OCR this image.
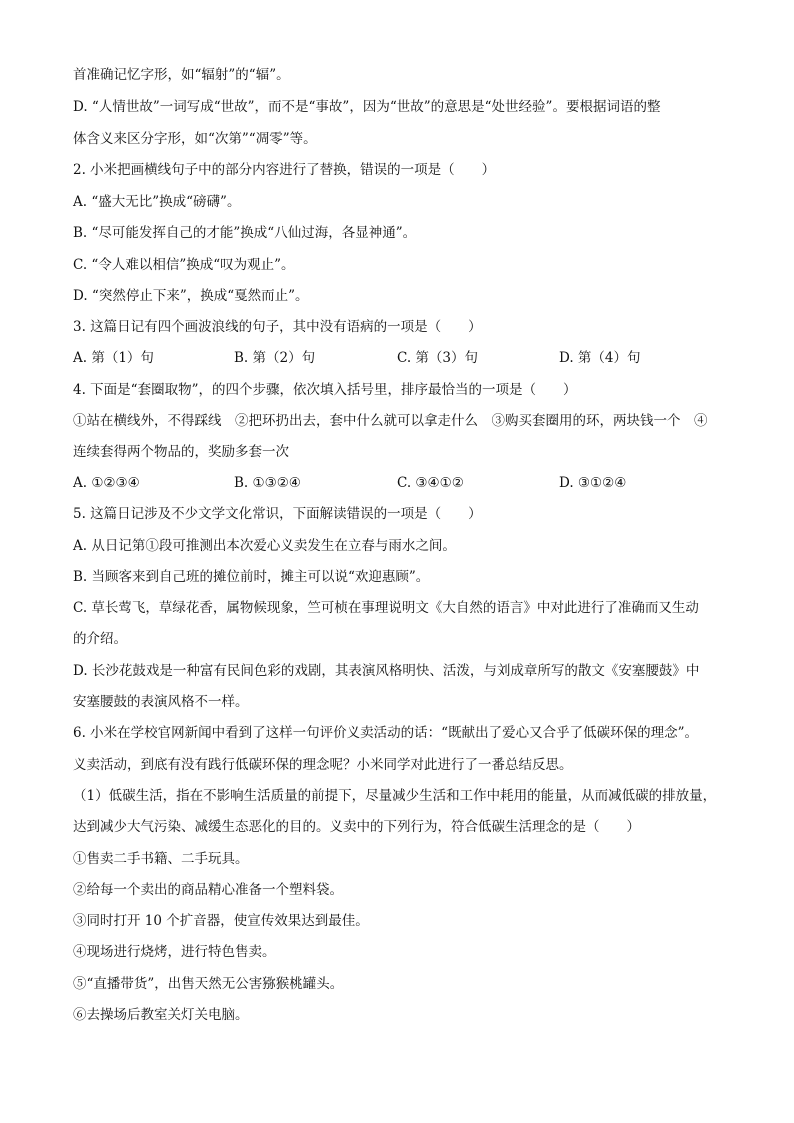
首准确记忆字形，如“辐射”的“辐”。
D. “人情世故”一词写成“世故”，而不是“事故”，因为“世故”的意思是“处世经验”。要根据词语的整
体含义来区分字形，如“次第”“凋零”等。
2. 小米把画横线句子中的部分内容进行了替换，错误的一项是（　　）
A. “盛大无比”换成“磅礴”。
B. “尽可能发挥自己的才能”换成“八仙过海，各显神通”。
C. “令人难以相信”换成“叹为观止”。
D. “突然停止下来”，换成“戛然而止”。
3. 这篇日记有四个画波浪线的句子，其中没有语病的一项是（　　）
A. 第（1）句	B. 第（2）句	C. 第（3）句	D. 第（4）句
4. 下面是“套圈取物”，的四个步骤，依次填入括号里，排序最恰当的一项是（　　）
①站在横线外，不得踩线　②把环扔出去，套中什么就可以拿走什么　③购买套圈用的环，两块钱一个　④
连续套得两个物品的，奖励多套一次
A. ①②③④	B. ①③②④	C. ③④①②	D. ③①②④
5. 这篇日记涉及不少文学文化常识，下面解读错误的一项是（　　）
A. 从日记第①段可推测出本次爱心义卖发生在立春与雨水之间。
B. 当顾客来到自己班的摊位前时，摊主可以说“欢迎惠顾”。
C. 草长莺飞，草绿花香，属物候现象，竺可桢在事理说明文《大自然的语言》中对此进行了准确而又生动
的介绍。
D. 长沙花鼓戏是一种富有民间色彩的戏剧，其表演风格明快、活泼，与刘成章所写的散文《安塞腰鼓》中
安塞腰鼓的表演风格不一样。
6. 小米在学校官网新闻中看到了这样一句评价义卖活动的话：“既献出了爱心又合乎了低碳环保的理念”。
义卖活动，到底有没有践行低碳环保的理念呢？小米同学对此进行了一番总结反思。
（1）低碳生活，指在不影响生活质量的前提下，尽量减少生活和工作中耗用的能量，从而减低碳的排放量，
达到减少大气污染、减缓生态恶化的目的。义卖中的下列行为，符合低碳生活理念的是（　　）
①售卖二手书籍、二手玩具。
②给每一个卖出的商品精心准备一个塑料袋。
③同时打开 10 个扩音器，使宣传效果达到最佳。
④现场进行烧烤，进行特色售卖。
⑤“直播带货”，出售天然无公害猕猴桃罐头。
⑥去操场后教室关灯关电脑。
